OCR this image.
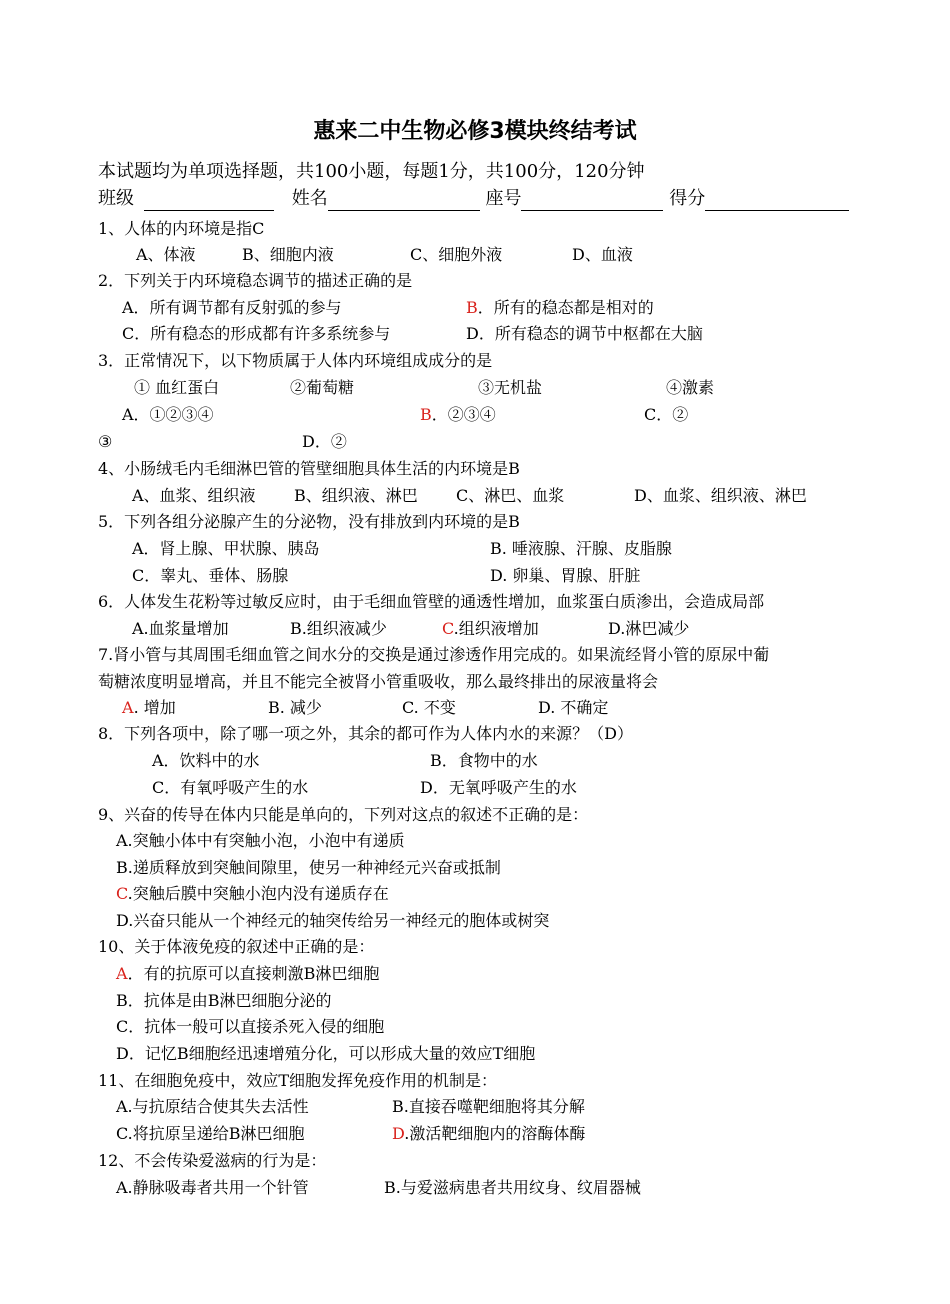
惠来二中生物必修3模块终结考试
本试题均为单项选择题，共100小题，每题1分，共100分，120分钟
班级	姓名	座号	得分
1、人体的内环境是指C
A、体液	B、细胞内液	C、细胞外液	D、血液
2．下列关于内环境稳态调节的描述正确的是
A．所有调节都有反射弧的参与	B．所有的稳态都是相对的
C．所有稳态的形成都有许多系统参与	D．所有稳态的调节中枢都在大脑
3．正常情况下，以下物质属于人体内环境组成成分的是
① 血红蛋白	②葡萄糖	③无机盐	④激素
A．①②③④	B．②③④	C．②
③	D．②
4、小肠绒毛内毛细淋巴管的管壁细胞具体生活的内环境是B
A、血浆、组织液 B、组织液、淋巴 C、淋巴、血浆	D、血浆、组织液、淋巴
5．下列各组分泌腺产生的分泌物，没有排放到内环境的是B
A．肾上腺、甲状腺、胰岛	B. 唾液腺、汗腺、皮脂腺
C．睾丸、垂体、肠腺	D. 卵巢、胃腺、肝脏
6．人体发生花粉等过敏反应时，由于毛细血管壁的通透性增加，血浆蛋白质渗出，会造成局部
A.血浆量增加	B.组织液减少	C.组织液增加	D.淋巴减少
7.肾小管与其周围毛细血管之间水分的交换是通过渗透作用完成的。如果流经肾小管的原尿中葡
萄糖浓度明显增高，并且不能完全被肾小管重吸收，那么最终排出的尿液量将会
A. 增加	B. 减少	C. 不变	D. 不确定
8．下列各项中，除了哪一项之外，其余的都可作为人体内水的来源？（D）
A．饮料中的水	B．食物中的水
C．有氧呼吸产生的水	D．无氧呼吸产生的水
9、兴奋的传导在体内只能是单向的，下列对这点的叙述不正确的是：
A.突触小体中有突触小泡，小泡中有递质
B.递质释放到突触间隙里，使另一种神经元兴奋或抵制
C.突触后膜中突触小泡内没有递质存在
D.兴奋只能从一个神经元的轴突传给另一神经元的胞体或树突
10、关于体液免疫的叙述中正确的是：
A．有的抗原可以直接刺激B淋巴细胞
B．抗体是由B淋巴细胞分泌的
C．抗体一般可以直接杀死入侵的细胞
D．记忆B细胞经迅速增殖分化，可以形成大量的效应T细胞
11、在细胞免疫中，效应T细胞发挥免疫作用的机制是：
A.与抗原结合使其失去活性	B.直接吞噬靶细胞将其分解
C.将抗原呈递给B淋巴细胞	D.激活靶细胞内的溶酶体酶
12、不会传染爱滋病的行为是：
A.静脉吸毒者共用一个针管	B.与爱滋病患者共用纹身、纹眉器械
